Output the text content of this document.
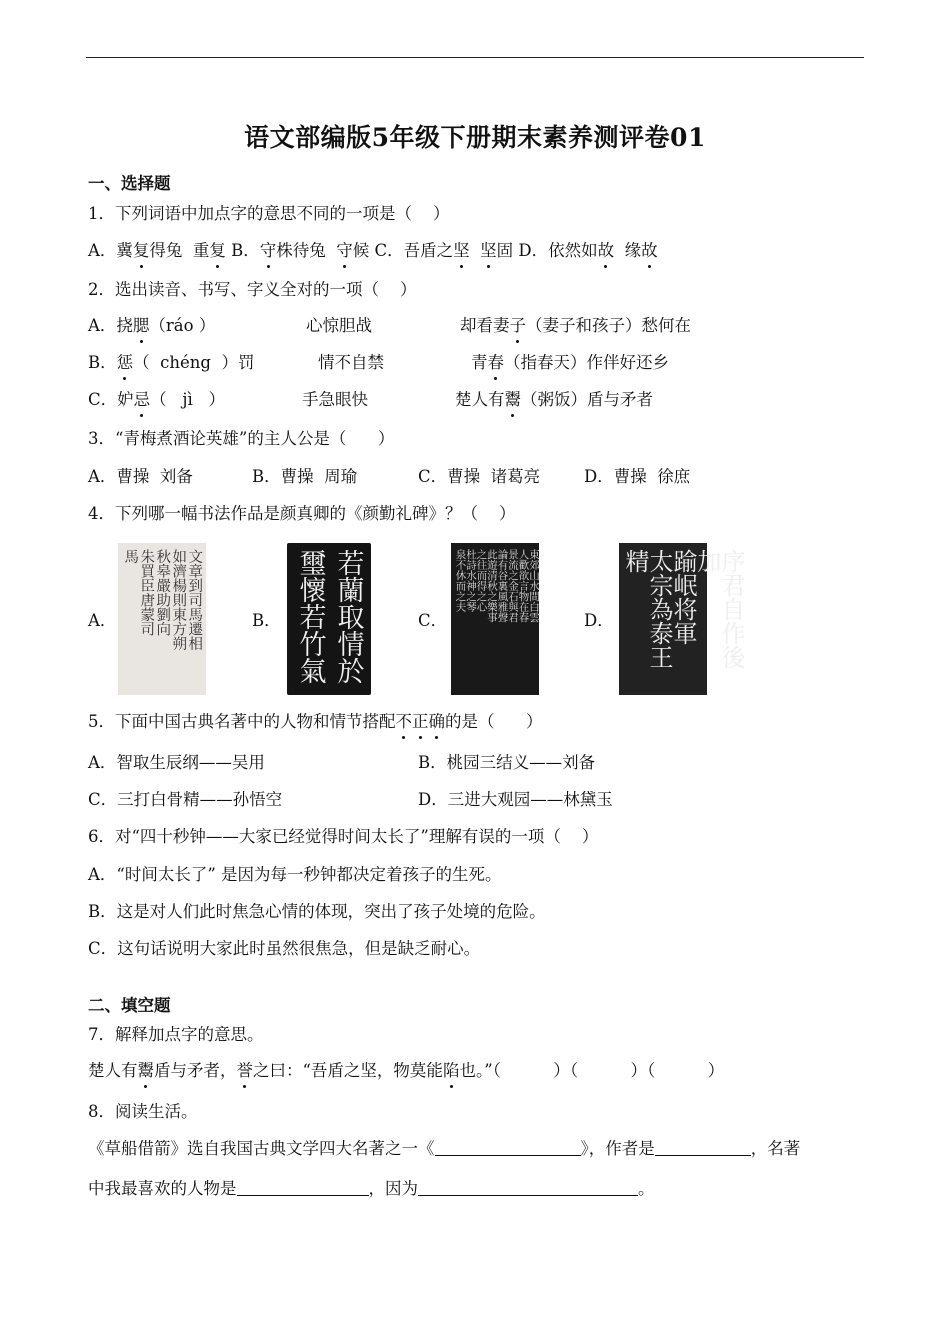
语文部编版5年级下册期末素养测评卷01
一、选择题
1．下列词语中加点字的意思不同的一项是（    ）
A．冀复得兔  重复 B．守株待兔  守候 C．吾盾之坚 坚固 D．依然如故  缘故
2．选出读音、书写、字义全对的一项（    ）
A．挠腮（ráo ）	心惊胆战	却看妻子（妻子和孩子）愁何在
B．惩（  chéng  ）罚	情不自禁	青春（指春天）作伴好还乡
C．妒忌（   jì   ）	手急眼快	楚人有鬻（粥饭）盾与矛者
3．“青梅煮酒论英雄”的主人公是（      ）
A．曹操  刘备	B．曹操  周瑜	C．曹操  诸葛亮	D．曹操  徐庶
4．下列哪一幅书法作品是颜真卿的《颜勤礼碑》？（    ）
A．	B．	C．	D．
文章到司馬遷相
如濟楊則東方朔
秋皋嚴助劉向
朱買臣唐蒙司
馬	若蘭取情於
璽懷若竹氣	東郊山水間白雲
人歡欲言物在春
景流之金石與君
論有谷裏風雅聲
此遊清秋之樂事
之往而得之心
杜詩水神之琴
泉不休而之夫	序君自作後加
踰岷将軍
太宗為泰王精
5．下面中国古典名著中的人物和情节搭配不正确的是（      ）
A．智取生辰纲——吴用	B．桃园三结义——刘备
C．三打白骨精——孙悟空	D．三进大观园——林黛玉
6．对“四十秒钟——大家已经觉得时间太长了”理解有误的一项（    ）
A．“时间太长了” 是因为每一秒钟都决定着孩子的生死。
B．这是对人们此时焦急心情的体现，突出了孩子处境的危险。
C．这句话说明大家此时虽然很焦急，但是缺乏耐心。
二、填空题
7．解释加点字的意思。
楚人有鬻盾与矛者，誉之曰：“吾盾之坚，物莫能陷也。”（          ）（          ）（          ）
8．阅读生活。
《草船借箭》选自我国古典文学四大名著之一《	》，作者是	，名著
中我最喜欢的人物是	，因为	。
